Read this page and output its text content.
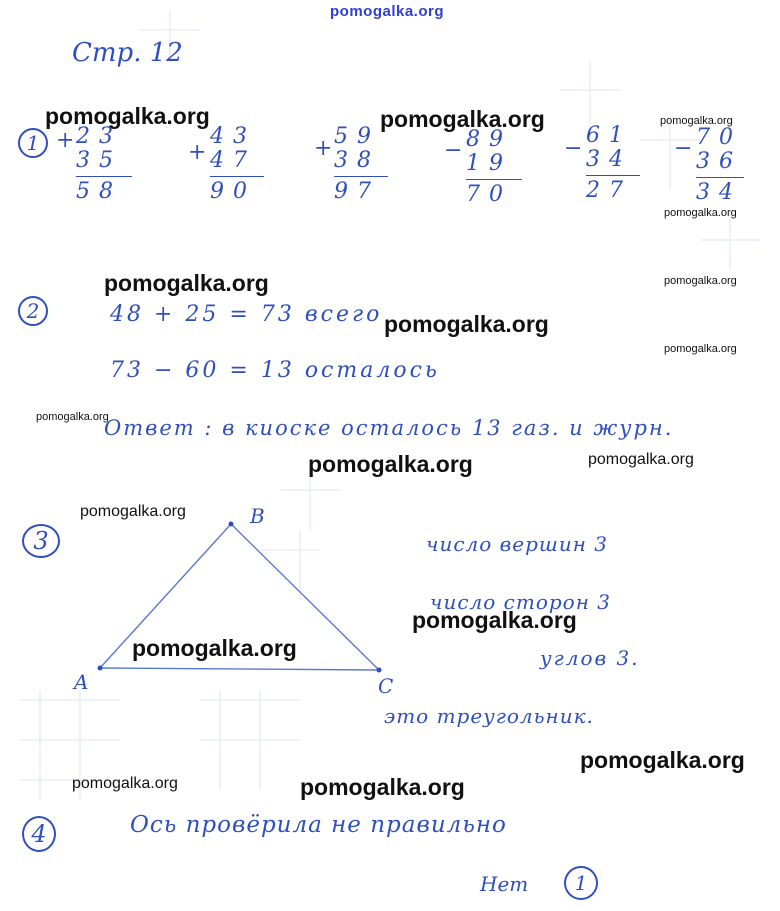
pomogalka.org
Стр. 12
pomogalka.org	pomogalka.org	pomogalka.org
pomogalka.org
pomogalka.org	pomogalka.org
pomogalka.org
pomogalka.org
pomogalka.org
pomogalka.org	pomogalka.org
pomogalka.org
pomogalka.org
pomogalka.org
pomogalka.org
pomogalka.org	pomogalka.org
1 + 23
35
58
+
43
47
90
+ 59
38
97
− 89
19
70
−
61
34
27
− 70
36
34
2	48 + 25 = 73 всего
73 − 60 = 13 осталось
Ответ : в киоске осталось 13 газ. и журн.
3
A
B
C
число вершин 3
число сторон 3
углов 3.
это треугольник.
4	Ось провёрила не правильно
Нет	1
